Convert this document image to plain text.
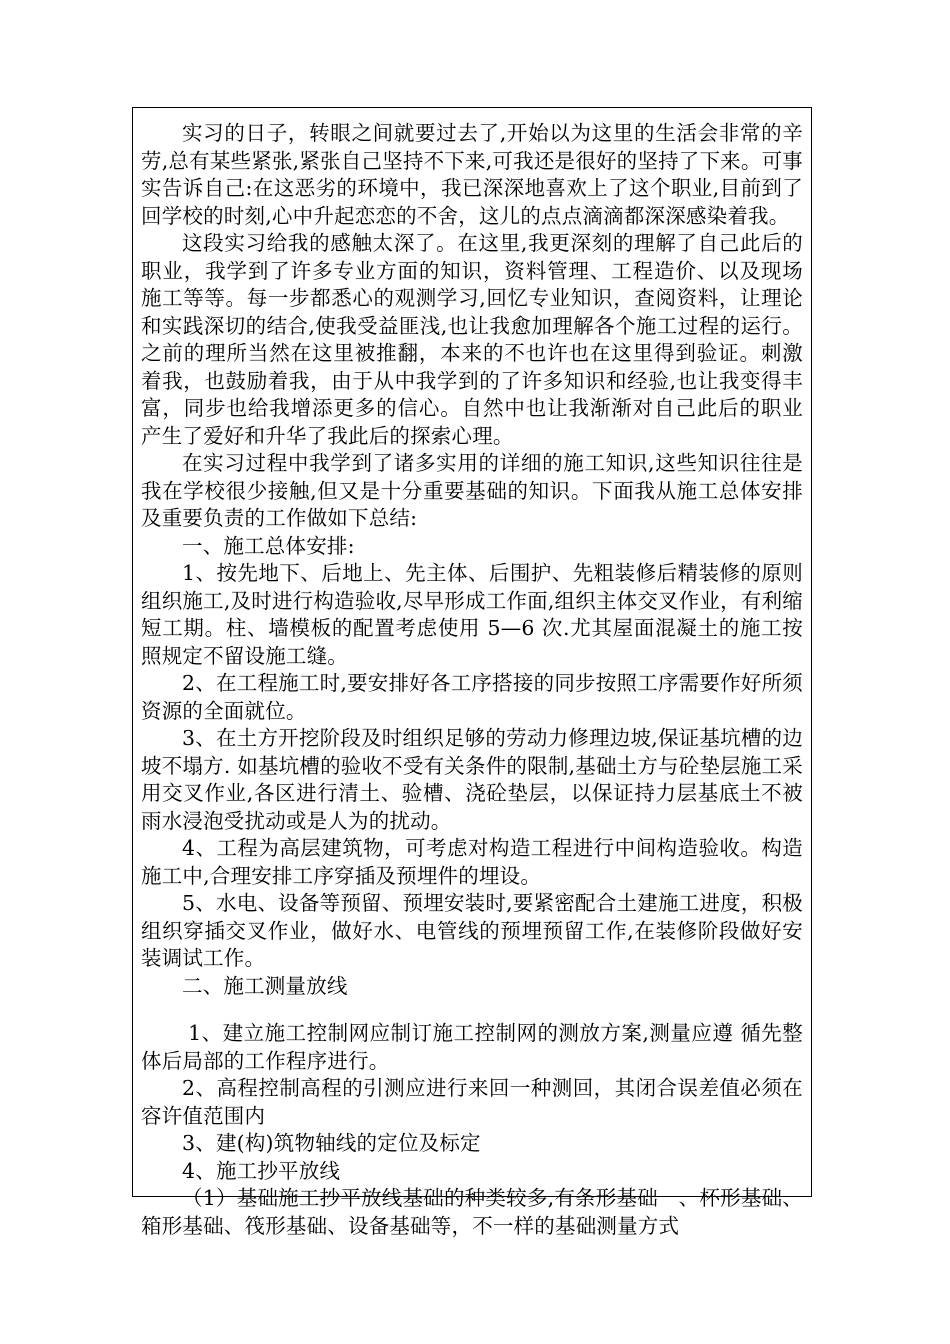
实习的日子，转眼之间就要过去了,开始以为这里的生活会非常的辛劳,总有某些紧张,紧张自己坚持不下来,可我还是很好的坚持了下来。可事实告诉自己:在这恶劣的环境中，我已深深地喜欢上了这个职业,目前到了回学校的时刻,心中升起恋恋的不舍，这儿的点点滴滴都深深感染着我。

这段实习给我的感触太深了。在这里,我更深刻的理解了自己此后的职业，我学到了许多专业方面的知识，资料管理、工程造价、以及现场施工等等。每一步都悉心的观测学习,回忆专业知识，查阅资料，让理论和实践深切的结合,使我受益匪浅,也让我愈加理解各个施工过程的运行。之前的理所当然在这里被推翻，本来的不也许也在这里得到验证。刺激着我，也鼓励着我，由于从中我学到的了许多知识和经验,也让我变得丰富，同步也给我增添更多的信心。自然中也让我渐渐对自己此后的职业产生了爱好和升华了我此后的探索心理。

在实习过程中我学到了诸多实用的详细的施工知识,这些知识往往是我在学校很少接触,但又是十分重要基础的知识。下面我从施工总体安排及重要负责的工作做如下总结:

一、施工总体安排:

1、按先地下、后地上、先主体、后围护、先粗装修后精装修的原则组织施工,及时进行构造验收,尽早形成工作面,组织主体交叉作业，有利缩短工期。柱、墙模板的配置考虑使用 5—6 次.尤其屋面混凝土的施工按照规定不留设施工缝。

2、在工程施工时,要安排好各工序搭接的同步按照工序需要作好所须资源的全面就位。

3、在土方开挖阶段及时组织足够的劳动力修理边坡,保证基坑槽的边坡不塌方. 如基坑槽的验收不受有关条件的限制,基础土方与砼垫层施工采用交叉作业,各区进行清土、验槽、浇砼垫层，以保证持力层基底土不被雨水浸泡受扰动或是人为的扰动。

4、工程为高层建筑物，可考虑对构造工程进行中间构造验收。构造施工中,合理安排工序穿插及预埋件的埋设。

5、水电、设备等预留、预埋安装时,要紧密配合土建施工进度，积极组织穿插交叉作业，做好水、电管线的预埋预留工作,在装修阶段做好安装调试工作。

二、施工测量放线

1、建立施工控制网应制订施工控制网的测放方案,测量应遵 循先整体后局部的工作程序进行。

2、高程控制高程的引测应进行来回一种测回，其闭合误差值必须在容许值范围内

3、建(构)筑物轴线的定位及标定

4、施工抄平放线

（1）基础施工抄平放线基础的种类较多,有条形基础　、杯形基础、箱形基础、筏形基础、设备基础等，不一样的基础测量方式
